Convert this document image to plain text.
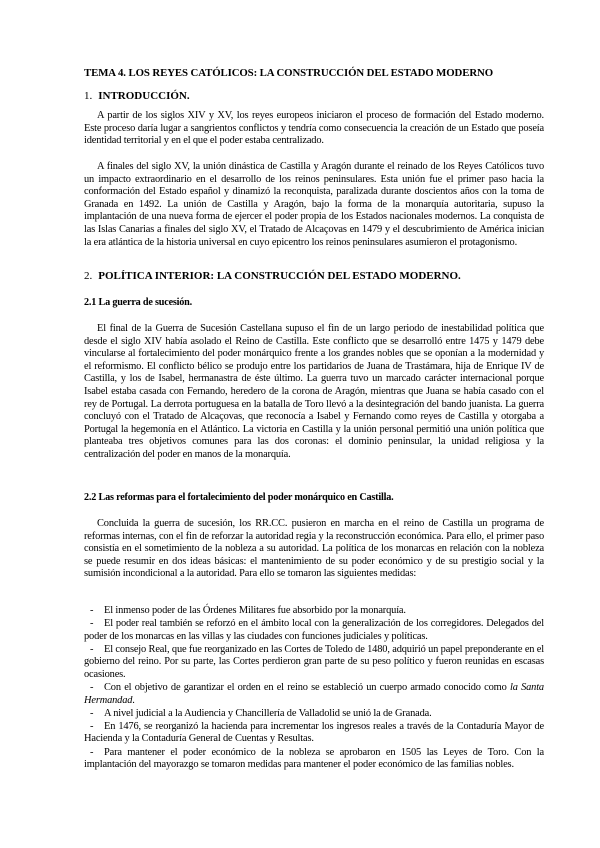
TEMA 4. LOS REYES CATÓLICOS: LA CONSTRUCCIÓN DEL ESTADO MODERNO
1. INTRODUCCIÓN.
A partir de los siglos XIV y XV, los reyes europeos iniciaron el proceso de formación del Estado moderno. Este proceso daría lugar a sangrientos conflictos y tendría como consecuencia la creación de un Estado que poseía identidad territorial y en el que el poder estaba centralizado.
A finales del siglo XV, la unión dinástica de Castilla y Aragón durante el reinado de los Reyes Católicos tuvo un impacto extraordinario en el desarrollo de los reinos peninsulares. Esta unión fue el primer paso hacia la conformación del Estado español y dinamizó la reconquista, paralizada durante doscientos años con la toma de Granada en 1492. La unión de Castilla y Aragón, bajo la forma de la monarquía autoritaria, supuso la implantación de una nueva forma de ejercer el poder propia de los Estados nacionales modernos. La conquista de las Islas Canarias a finales del siglo XV, el Tratado de Alcaçovas en 1479 y el descubrimiento de América inician la era atlántica de la historia universal en cuyo epicentro los reinos peninsulares asumieron el protagonismo.
2. POLÍTICA INTERIOR: LA CONSTRUCCIÓN DEL ESTADO MODERNO.
2.1 La guerra de sucesión.
El final de la Guerra de Sucesión Castellana supuso el fin de un largo periodo de inestabilidad política que desde el siglo XIV había asolado el Reino de Castilla. Este conflicto que se desarrolló entre 1475 y 1479 debe vincularse al fortalecimiento del poder monárquico frente a los grandes nobles que se oponían a la modernidad y el reformismo. El conflicto bélico se produjo entre los partidarios de Juana de Trastámara, hija de Enrique IV de Castilla, y los de Isabel, hermanastra de éste último. La guerra tuvo un marcado carácter internacional porque Isabel estaba casada con Fernando, heredero de la corona de Aragón, mientras que Juana se había casado con el rey de Portugal. La derrota portuguesa en la batalla de Toro llevó a la desintegración del bando juanista. La guerra concluyó con el Tratado de Alcaçovas, que reconocía a Isabel y Fernando como reyes de Castilla y otorgaba a Portugal la hegemonía en el Atlántico. La victoria en Castilla y la unión personal permitió una unión política que planteaba tres objetivos comunes para las dos coronas: el dominio peninsular, la unidad religiosa y la centralización del poder en manos de la monarquía.
2.2 Las reformas para el fortalecimiento del poder monárquico en Castilla.
Concluida la guerra de sucesión, los RR.CC. pusieron en marcha en el reino de Castilla un programa de reformas internas, con el fin de reforzar la autoridad regia y la reconstrucción económica. Para ello, el primer paso consistía en el sometimiento de la nobleza a su autoridad. La política de los monarcas en relación con la nobleza se puede resumir en dos ideas básicas: el mantenimiento de su poder económico y de su prestigio social y la sumisión incondicional a la autoridad. Para ello se tomaron las siguientes medidas:
- El inmenso poder de las Órdenes Militares fue absorbido por la monarquía.
- El poder real también se reforzó en el ámbito local con la generalización de los corregidores. Delegados del poder de los monarcas en las villas y las ciudades con funciones judiciales y políticas.
- El consejo Real, que fue reorganizado en las Cortes de Toledo de 1480, adquirió un papel preponderante en el gobierno del reino. Por su parte, las Cortes perdieron gran parte de su peso político y fueron reunidas en escasas ocasiones.
- Con el objetivo de garantizar el orden en el reino se estableció un cuerpo armado conocido como la Santa Hermandad.
- A nivel judicial a la Audiencia y Chancillería de Valladolid se unió la de Granada.
- En 1476, se reorganizó la hacienda para incrementar los ingresos reales a través de la Contaduría Mayor de Hacienda y la Contaduría General de Cuentas y Resultas.
- Para mantener el poder económico de la nobleza se aprobaron en 1505 las Leyes de Toro. Con la implantación del mayorazgo se tomaron medidas para mantener el poder económico de las familias nobles.
